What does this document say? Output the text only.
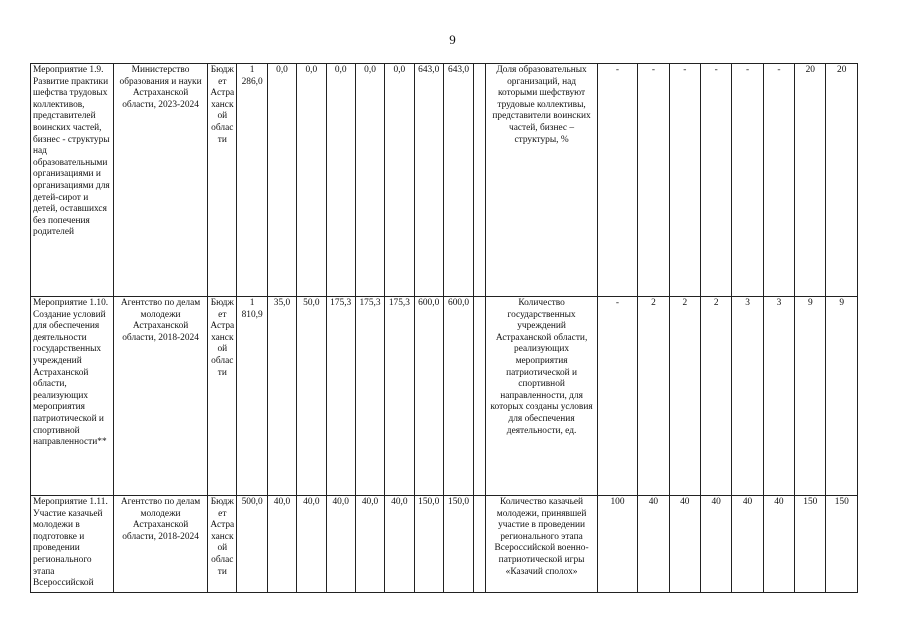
9
Мероприятие 1.9. Развитие практики шефства трудовых коллективов, представителей воинских частей, бизнес - структуры над образовательными организациями и организациями для детей-сирот и детей, оставшихся без попечения родителей	Министерство образования и науки Астраханской области, 2023-2024	Бюджет Астраханской области	1 286,0	0,0	0,0	0,0	0,0	0,0	643,0	643,0		Доля образовательных организаций, над которыми шефствуют трудовые коллективы, представители воинских частей, бизнес – структуры, %	-	-	-	-	-	-	20	20
Мероприятие 1.10. Создание условий для обеспечения деятельности государственных учреждений Астраханской области, реализующих мероприятия патриотической и спортивной направленности**	Агентство по делам молодежи Астраханской области, 2018-2024	Бюджет Астраханской области	1 810,9	35,0	50,0	175,3	175,3	175,3	600,0	600,0		Количество государственных учреждений Астраханской области, реализующих мероприятия патриотической и спортивной направленности, для которых созданы условия для обеспечения деятельности, ед.	-	2	2	2	3	3	9	9
Мероприятие 1.11. Участие казачьей молодежи в подготовке и проведении регионального этапа Всероссийской	Агентство по делам молодежи Астраханской области, 2018-2024	Бюджет Астраханской области	500,0	40,0	40,0	40,0	40,0	40,0	150,0	150,0		Количество казачьей молодежи, принявшей участие в проведении регионального этапа Всероссийской военно-патриотической игры «Казачий сполох»	100	40	40	40	40	40	150	150
